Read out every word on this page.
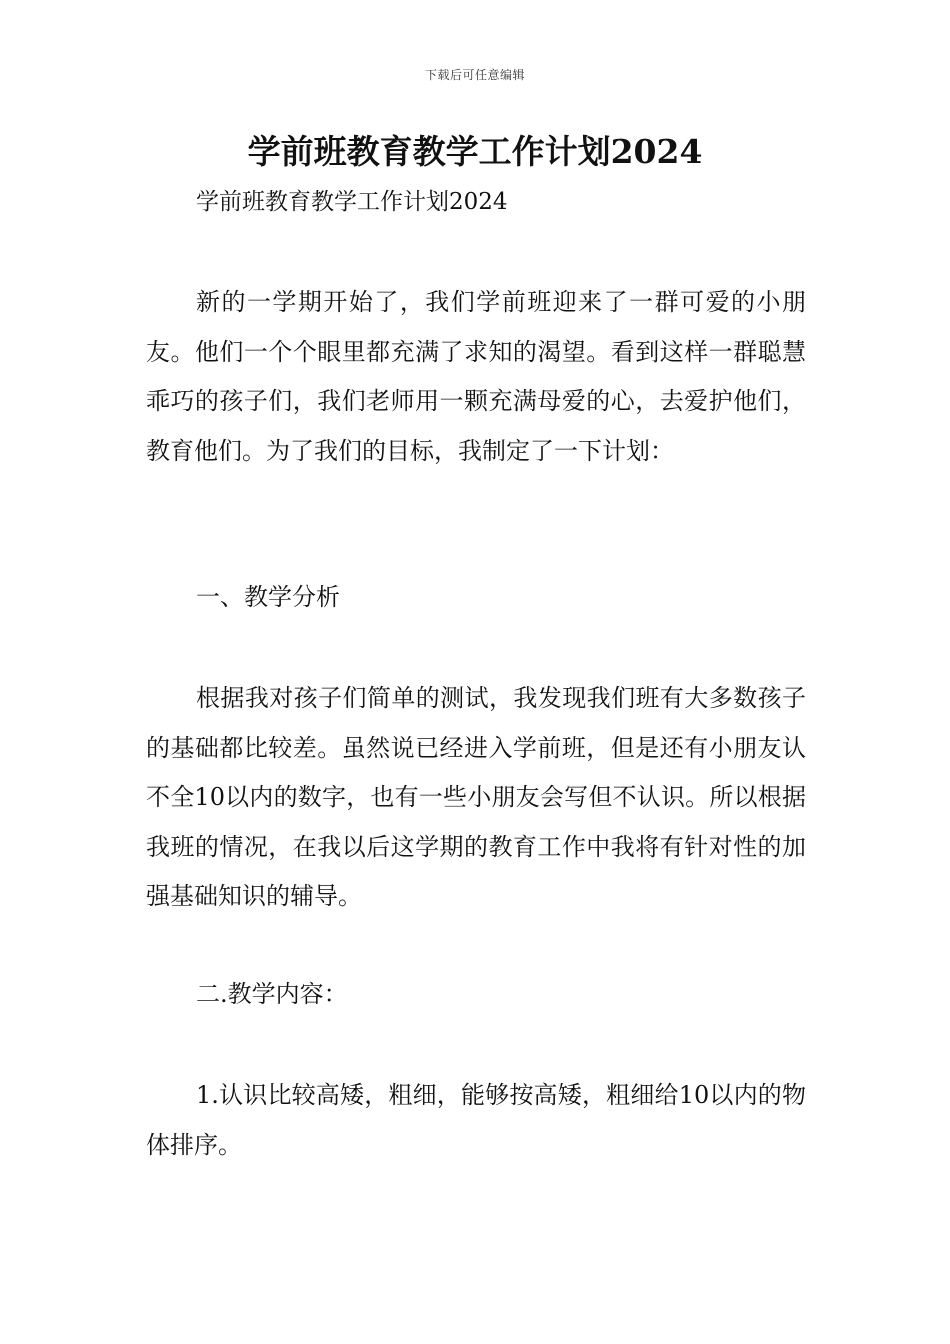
下载后可任意编辑
学前班教育教学工作计划2024

学前班教育教学工作计划2024

新的一学期开始了，我们学前班迎来了一群可爱的小朋友。他们一个个眼里都充满了求知的渴望。看到这样一群聪慧乖巧的孩子们，我们老师用一颗充满母爱的心，去爱护他们，教育他们。为了我们的目标，我制定了一下计划：

一、教学分析

根据我对孩子们简单的测试，我发现我们班有大多数孩子的基础都比较差。虽然说已经进入学前班，但是还有小朋友认不全10以内的数字，也有一些小朋友会写但不认识。所以根据我班的情况，在我以后这学期的教育工作中我将有针对性的加强基础知识的辅导。

二.教学内容：

1.认识比较高矮，粗细，能够按高矮，粗细给10以内的物体排序。
